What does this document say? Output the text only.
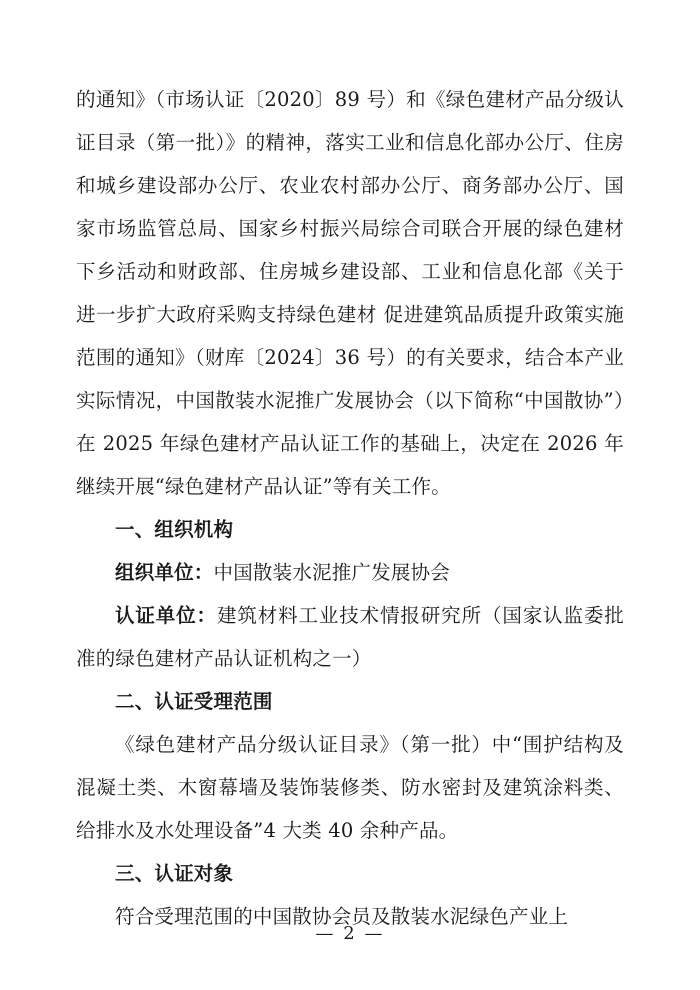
的通知》（市场认证〔2020〕89 号）和《绿色建材产品分级认证目录（第一批）》的精神，落实工业和信息化部办公厅、住房和城乡建设部办公厅、农业农村部办公厅、商务部办公厅、国家市场监管总局、国家乡村振兴局综合司联合开展的绿色建材下乡活动和财政部、住房城乡建设部、工业和信息化部《关于进一步扩大政府采购支持绿色建材 促进建筑品质提升政策实施范围的通知》（财库〔2024〕36 号）的有关要求，结合本产业实际情况，中国散装水泥推广发展协会（以下简称“中国散协”）在 2025 年绿色建材产品认证工作的基础上，决定在 2026 年继续开展“绿色建材产品认证”等有关工作。

一、组织机构

组织单位：中国散装水泥推广发展协会

认证单位：建筑材料工业技术情报研究所（国家认监委批准的绿色建材产品认证机构之一）

二、认证受理范围

《绿色建材产品分级认证目录》（第一批）中“围护结构及混凝土类、木窗幕墙及装饰装修类、防水密封及建筑涂料类、给排水及水处理设备”4 大类 40 余种产品。

三、认证对象

符合受理范围的中国散协会员及散装水泥绿色产业上

— 2 —
